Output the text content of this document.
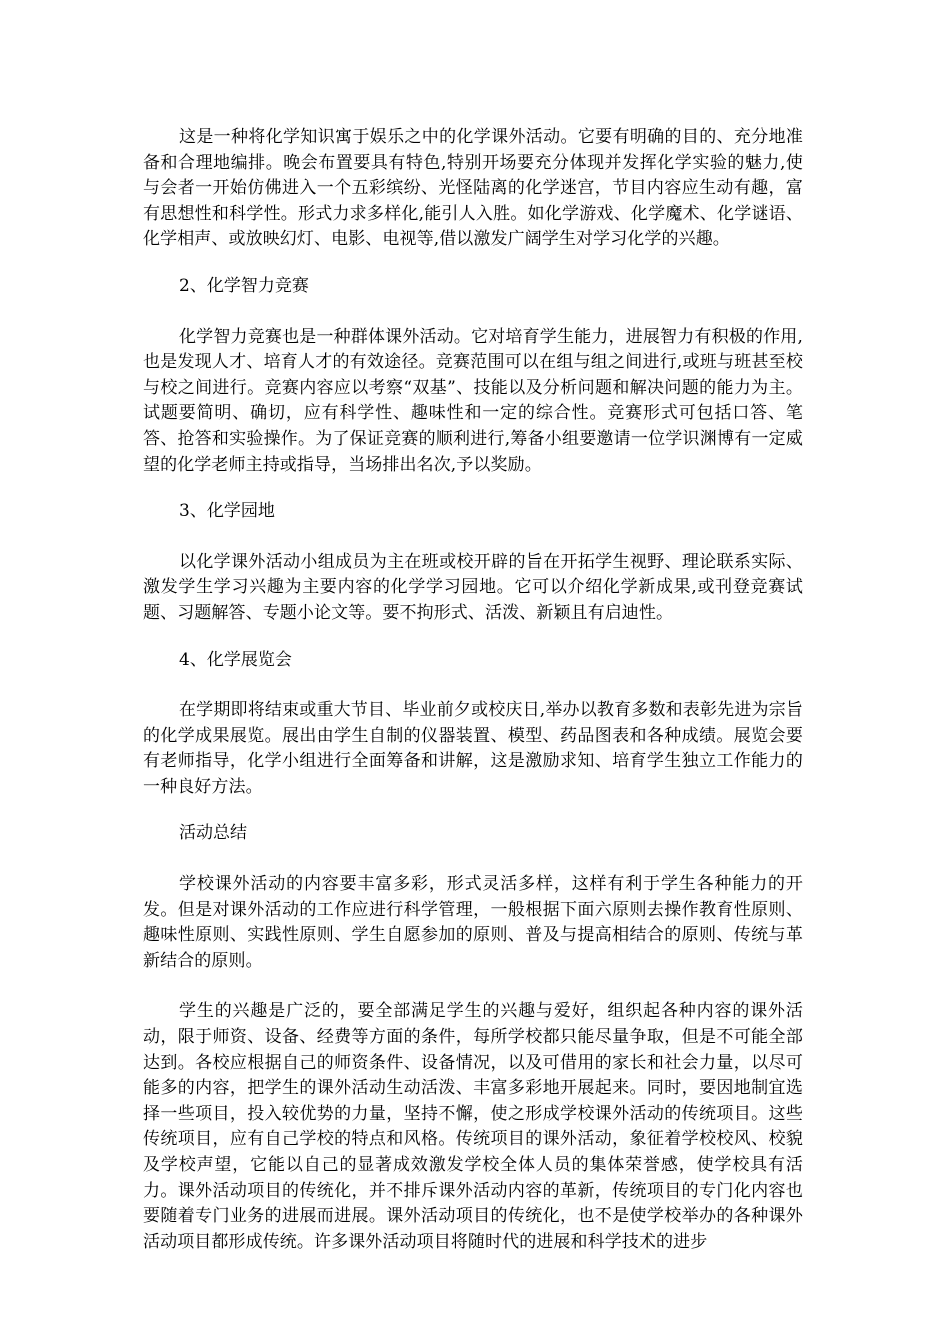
这是一种将化学知识寓于娱乐之中的化学课外活动。它要有明确的目的、充分地准备和合理地编排。晚会布置要具有特色,特别开场要充分体现并发挥化学实验的魅力,使与会者一开始仿佛进入一个五彩缤纷、光怪陆离的化学迷宫，节目内容应生动有趣，富有思想性和科学性。形式力求多样化,能引人入胜。如化学游戏、化学魔术、化学谜语、化学相声、或放映幻灯、电影、电视等,借以激发广阔学生对学习化学的兴趣。

2、化学智力竞赛

化学智力竞赛也是一种群体课外活动。它对培育学生能力，进展智力有积极的作用,也是发现人才、培育人才的有效途径。竞赛范围可以在组与组之间进行,或班与班甚至校与校之间进行。竞赛内容应以考察“双基”、技能以及分析问题和解决问题的能力为主。试题要简明、确切，应有科学性、趣味性和一定的综合性。竞赛形式可包括口答、笔答、抢答和实验操作。为了保证竞赛的顺利进行,筹备小组要邀请一位学识渊博有一定威望的化学老师主持或指导，当场排出名次,予以奖励。

3、化学园地

以化学课外活动小组成员为主在班或校开辟的旨在开拓学生视野、理论联系实际、激发学生学习兴趣为主要内容的化学学习园地。它可以介绍化学新成果,或刊登竞赛试题、习题解答、专题小论文等。要不拘形式、活泼、新颖且有启迪性。

4、化学展览会

在学期即将结束或重大节目、毕业前夕或校庆日,举办以教育多数和表彰先进为宗旨的化学成果展览。展出由学生自制的仪器装置、模型、药品图表和各种成绩。展览会要有老师指导，化学小组进行全面筹备和讲解，这是激励求知、培育学生独立工作能力的一种良好方法。

活动总结

学校课外活动的内容要丰富多彩，形式灵活多样，这样有利于学生各种能力的开发。但是对课外活动的工作应进行科学管理，一般根据下面六原则去操作教育性原则、趣味性原则、实践性原则、学生自愿参加的原则、普及与提高相结合的原则、传统与革新结合的原则。

学生的兴趣是广泛的，要全部满足学生的兴趣与爱好，组织起各种内容的课外活动，限于师资、设备、经费等方面的条件，每所学校都只能尽量争取，但是不可能全部达到。各校应根据自己的师资条件、设备情况，以及可借用的家长和社会力量，以尽可能多的内容，把学生的课外活动生动活泼、丰富多彩地开展起来。同时，要因地制宜选择一些项目，投入较优势的力量，坚持不懈，使之形成学校课外活动的传统项目。这些传统项目，应有自己学校的特点和风格。传统项目的课外活动，象征着学校校风、校貌及学校声望，它能以自己的显著成效激发学校全体人员的集体荣誉感，使学校具有活力。课外活动项目的传统化，并不排斥课外活动内容的革新，传统项目的专门化内容也要随着专门业务的进展而进展。课外活动项目的传统化，也不是使学校举办的各种课外活动项目都形成传统。许多课外活动项目将随时代的进展和科学技术的进步
